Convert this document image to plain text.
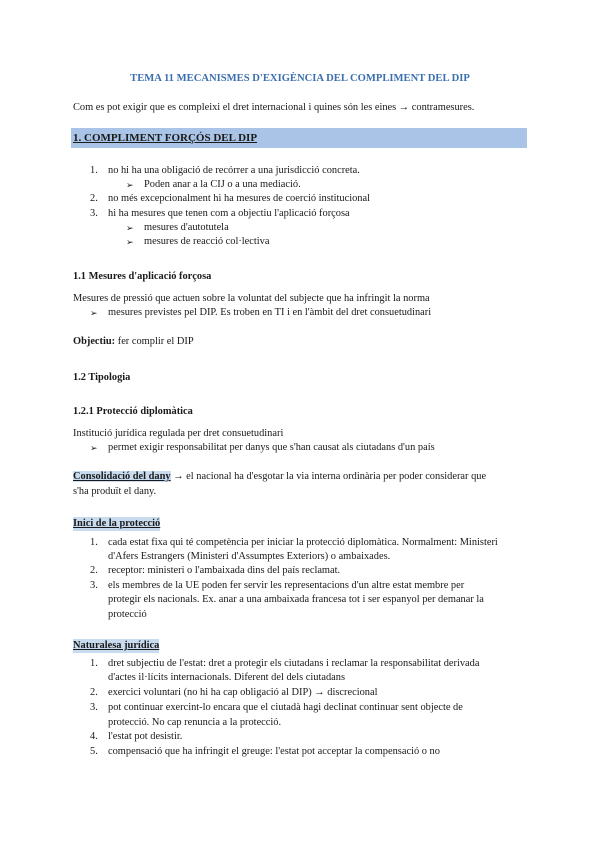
TEMA 11 MECANISMES D'EXIGÈNCIA DEL COMPLIMENT DEL DIP
Com es pot exigir que es compleixi el dret internacional i quines són les eines → contramesures.
1. COMPLIMENT FORÇÓS DEL DIP
1. no hi ha una obligació de recórrer a una jurisdicció concreta.
➢ Poden anar a la CIJ o a una mediació.
2. no més excepcionalment hi ha mesures de coerció institucional
3. hi ha mesures que tenen com a objectiu l'aplicació forçosa
➢ mesures d'autotutela
➢ mesures de reacció col·lectiva
1.1 Mesures d'aplicació forçosa
Mesures de pressió que actuen sobre la voluntat del subjecte que ha infringit la norma
➢ mesures previstes pel DIP. Es troben en TI i en l'àmbit del dret consuetudinari
Objectiu: fer complir el DIP
1.2 Tipologia
1.2.1 Protecció diplomàtica
Institució jurídica regulada per dret consuetudinari
➢ permet exigir responsabilitat per danys que s'han causat als ciutadans d'un país
Consolidació del dany → el nacional ha d'esgotar la via interna ordinària per poder considerar que
s'ha produït el dany.
Inici de la protecció
1. cada estat fixa qui té competència per iniciar la protecció diplomàtica. Normalment: Ministeri
d'Afers Estrangers (Ministeri d'Assumptes Exteriors) o ambaixades.
2. receptor: ministeri o l'ambaixada dins del país reclamat.
3. els membres de la UE poden fer servir les representacions d'un altre estat membre per
protegir els nacionals. Ex. anar a una ambaixada francesa tot i ser espanyol per demanar la
protecció
Naturalesa jurídica
1. dret subjectiu de l'estat: dret a protegir els ciutadans i reclamar la responsabilitat derivada
d'actes il·lícits internacionals. Diferent del dels ciutadans
2. exercici voluntari (no hi ha cap obligació al DIP) → discrecional
3. pot continuar exercint-lo encara que el ciutadà hagi declinat continuar sent objecte de
protecció. No cap renuncia a la protecció.
4. l'estat pot desistir.
5. compensació que ha infringit el greuge: l'estat pot acceptar la compensació o no
